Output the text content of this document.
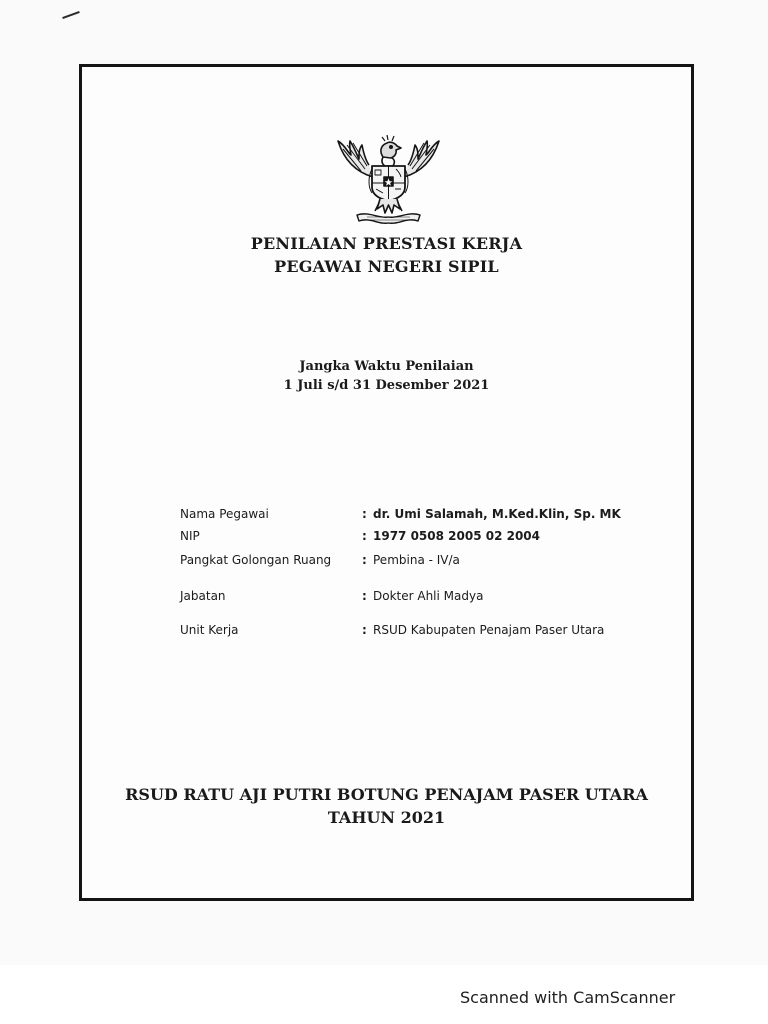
PENILAIAN PRESTASI KERJA
PEGAWAI NEGERI SIPIL
Jangka Waktu Penilaian
1 Juli s/d 31 Desember 2021
Nama Pegawai	: dr. Umi Salamah, M.Ked.Klin, Sp. MK
NIP	: 1977 0508 2005 02 2004
Pangkat Golongan Ruang	: Pembina - IV/a
Jabatan	: Dokter Ahli Madya
Unit Kerja	: RSUD Kabupaten Penajam Paser Utara
RSUD RATU AJI PUTRI BOTUNG PENAJAM PASER UTARA
TAHUN 2021
Scanned with CamScanner
